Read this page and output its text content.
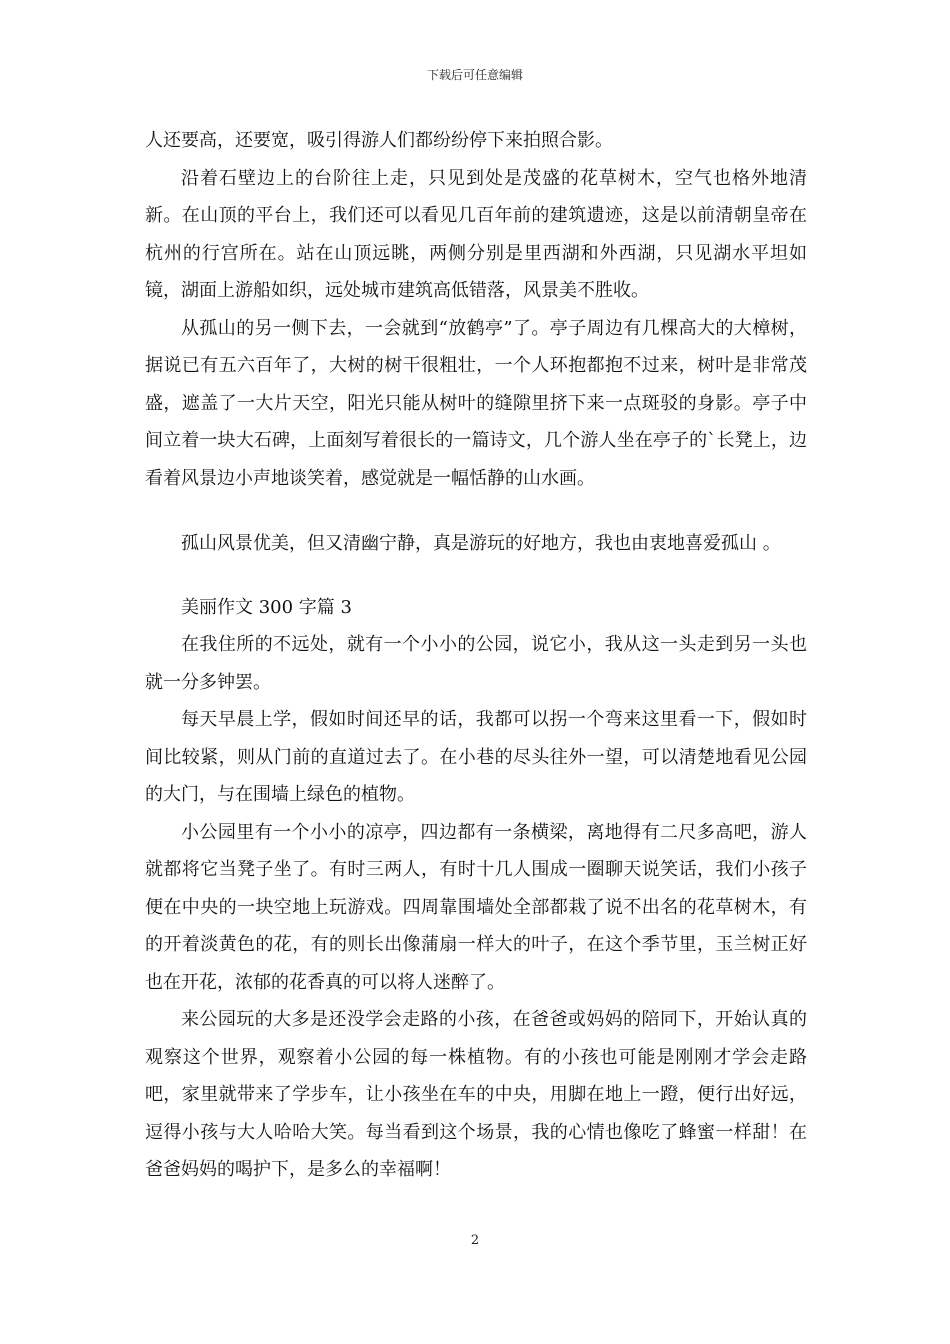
下载后可任意编辑

人还要高，还要宽，吸引得游人们都纷纷停下来拍照合影。

沿着石壁边上的台阶往上走，只见到处是茂盛的花草树木，空气也格外地清新。在山顶的平台上，我们还可以看见几百年前的建筑遗迹，这是以前清朝皇帝在杭州的行宫所在。站在山顶远眺，两侧分别是里西湖和外西湖，只见湖水平坦如镜，湖面上游船如织，远处城市建筑高低错落，风景美不胜收。

从孤山的另一侧下去，一会就到“放鹤亭”了。亭子周边有几棵高大的大樟树，据说已有五六百年了，大树的树干很粗壮，一个人环抱都抱不过来，树叶是非常茂盛，遮盖了一大片天空，阳光只能从树叶的缝隙里挤下来一点斑驳的身影。亭子中间立着一块大石碑，上面刻写着很长的一篇诗文，几个游人坐在亭子的`长凳上，边看着风景边小声地谈笑着，感觉就是一幅恬静的山水画。

孤山风景优美，但又清幽宁静，真是游玩的好地方，我也由衷地喜爱孤山 。

美丽作文 300 字篇 3

在我住所的不远处，就有一个小小的公园，说它小，我从这一头走到另一头也就一分多钟罢。

每天早晨上学，假如时间还早的话，我都可以拐一个弯来这里看一下，假如时间比较紧，则从门前的直道过去了。在小巷的尽头往外一望，可以清楚地看见公园的大门，与在围墙上绿色的植物。

小公园里有一个小小的凉亭，四边都有一条横梁，离地得有二尺多高吧，游人就都将它当凳子坐了。有时三两人，有时十几人围成一圈聊天说笑话，我们小孩子便在中央的一块空地上玩游戏。四周靠围墙处全部都栽了说不出名的花草树木，有的开着淡黄色的花，有的则长出像蒲扇一样大的叶子，在这个季节里，玉兰树正好也在开花，浓郁的花香真的可以将人迷醉了。

来公园玩的大多是还没学会走路的小孩，在爸爸或妈妈的陪同下，开始认真的观察这个世界，观察着小公园的每一株植物。有的小孩也可能是刚刚才学会走路吧，家里就带来了学步车，让小孩坐在车的中央，用脚在地上一蹬，便行出好远，逗得小孩与大人哈哈大笑。每当看到这个场景，我的心情也像吃了蜂蜜一样甜！在爸爸妈妈的喝护下，是多么的幸福啊！

2
